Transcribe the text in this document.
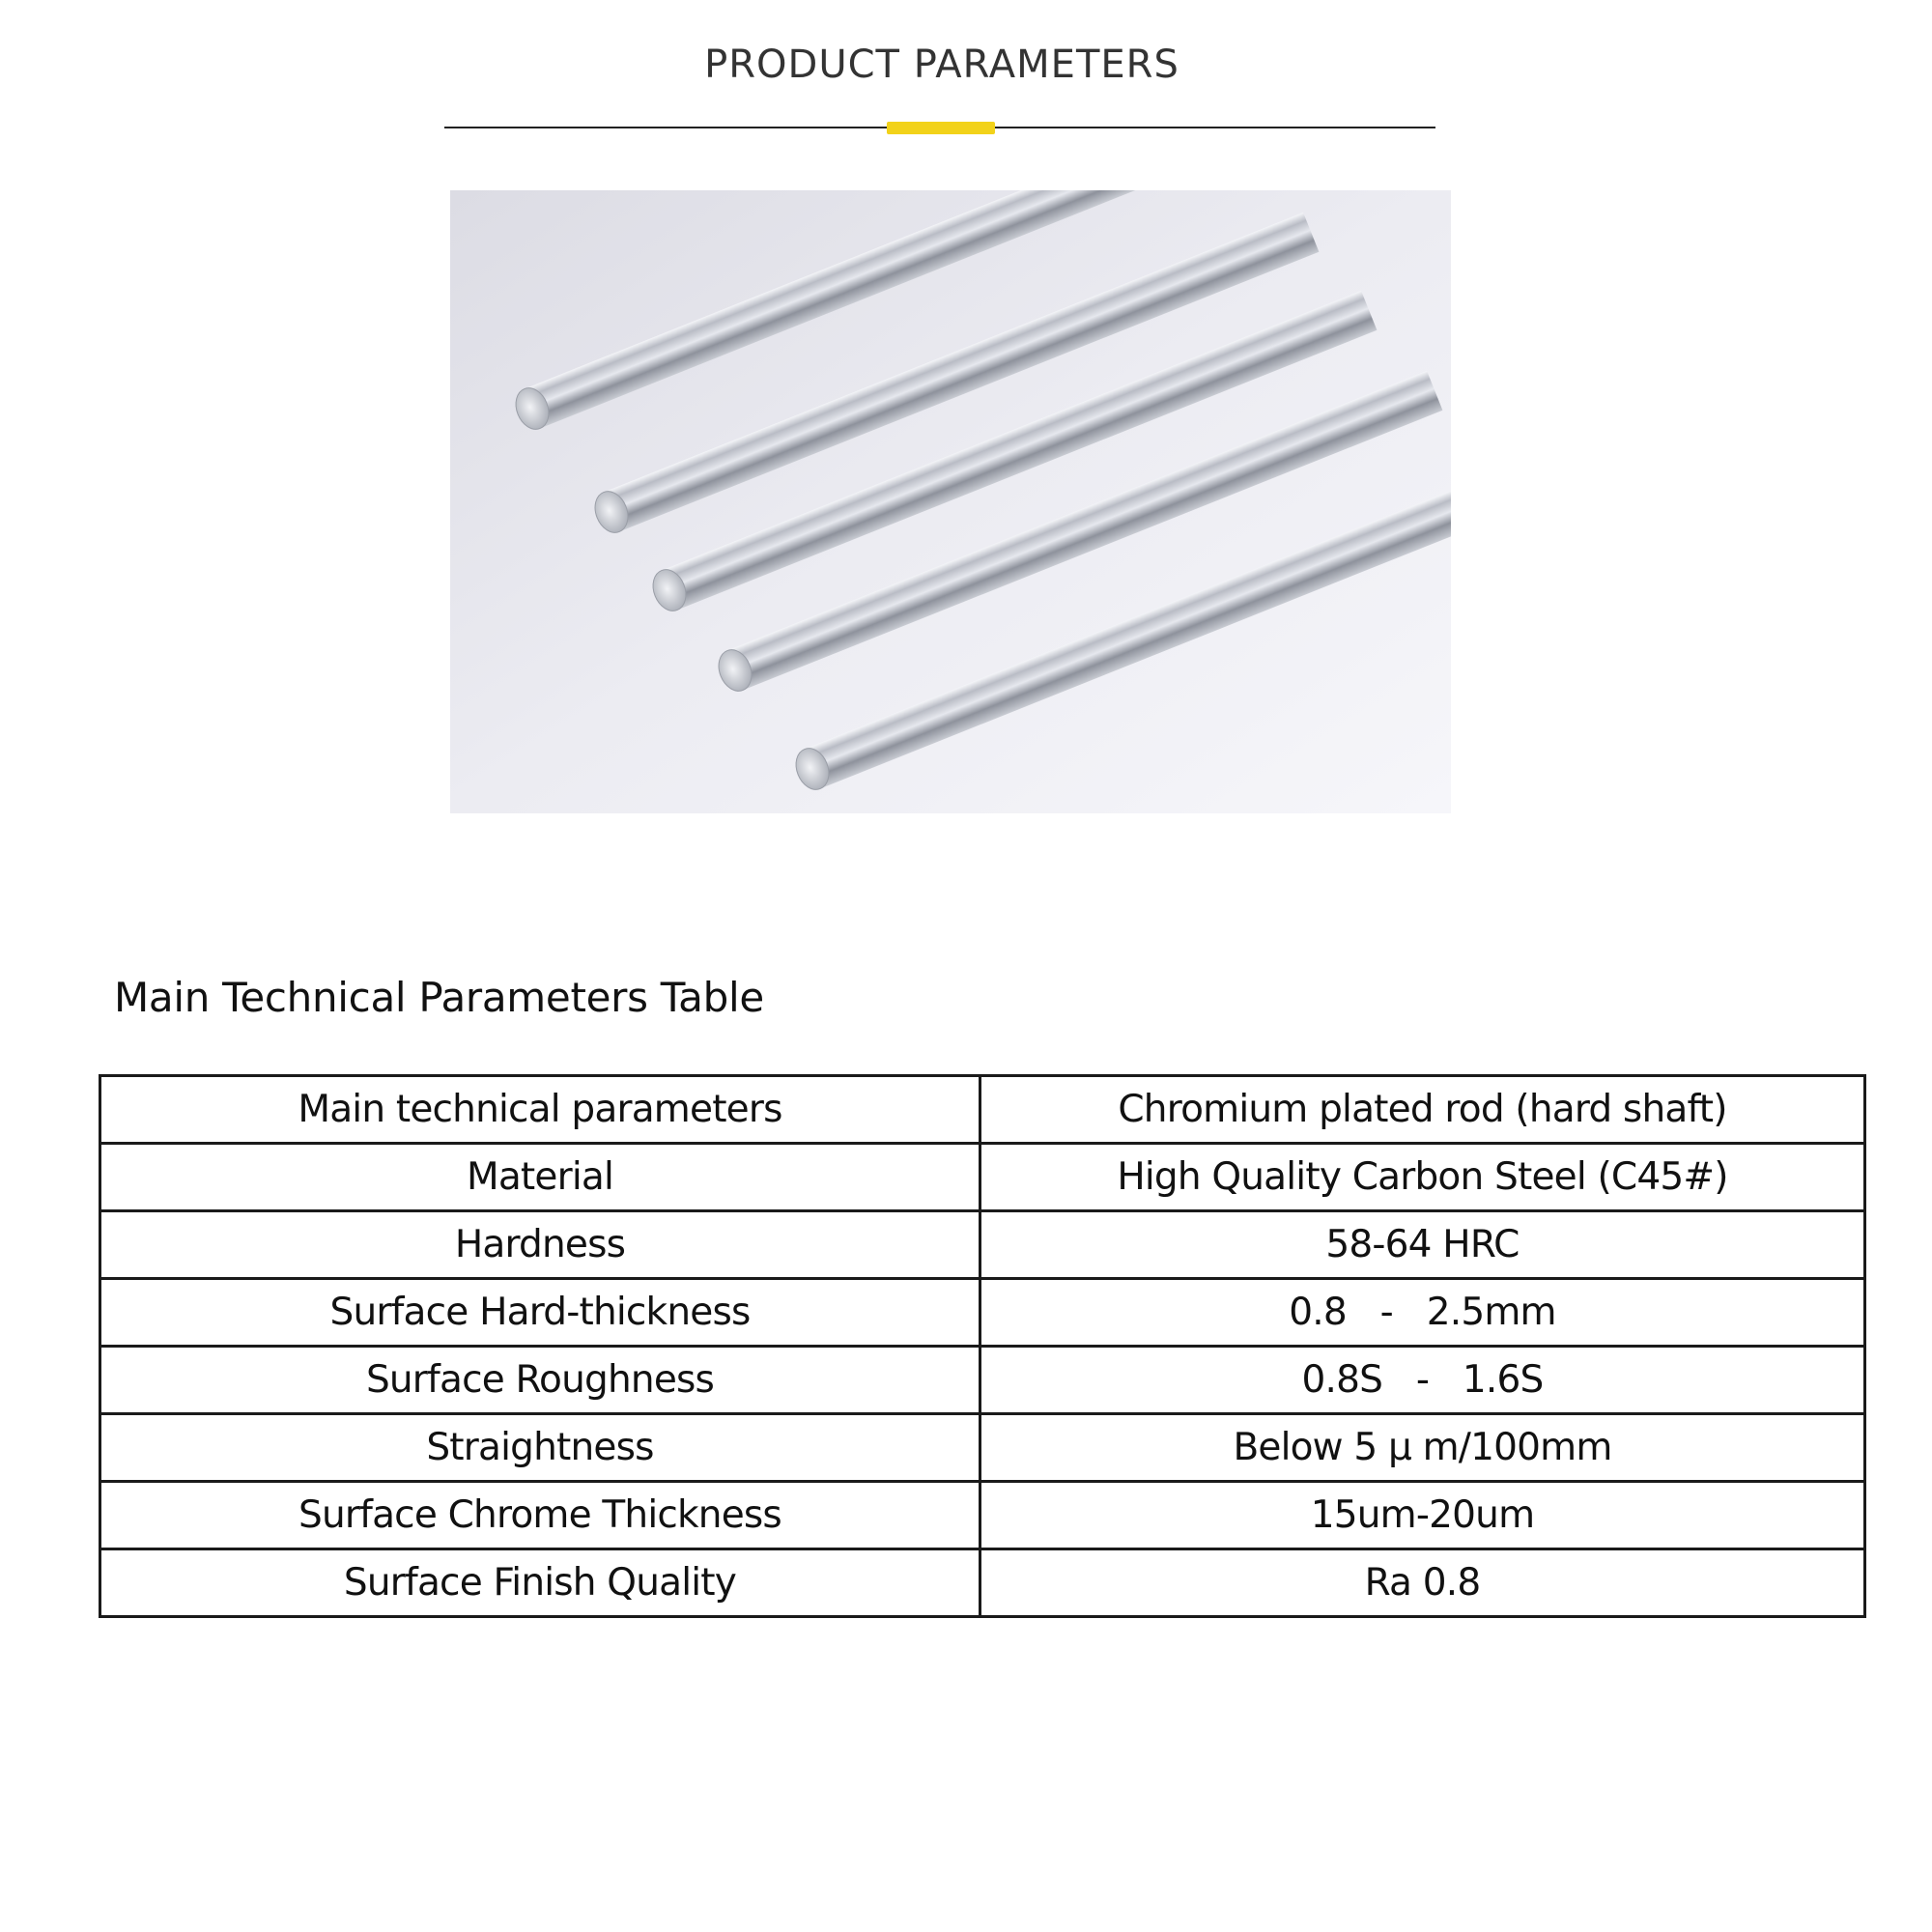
PRODUCT PARAMETERS
Main Technical Parameters Table
Main technical parameters	Chromium plated rod (hard shaft)
Material	High Quality Carbon Steel (C45#)
Hardness	58-64 HRC
Surface Hard-thickness	0.8   -   2.5mm
Surface Roughness	0.8S   -   1.6S
Straightness	Below 5 μ m/100mm
Surface Chrome Thickness	15um-20um
Surface Finish Quality	Ra 0.8
